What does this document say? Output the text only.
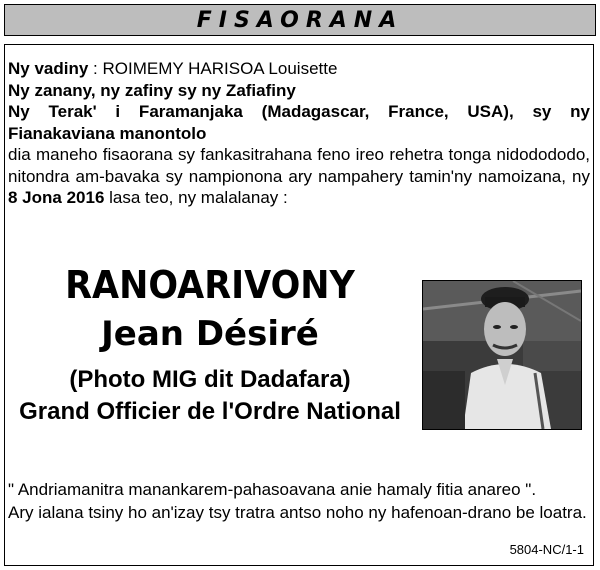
FISAORANA

Ny vadiny : ROIMEMY HARISOA Louisette

Ny zanany, ny zafiny sy ny Zafiafiny

Ny Terak' i Faramanjaka (Madagascar, France, USA), sy ny

Fianakaviana manontolo

dia maneho fisaorana sy fankasitrahana feno ireo rehetra tonga nidodododo, nitondra am-bavaka sy nampionona ary nampahery tamin'ny namoizana, ny 8 Jona 2016 lasa teo, ny malalanay :

RANOARIVONY
Jean Désiré
(Photo MIG dit Dadafara)
Grand Officier de l'Ordre National

" Andriamanitra manankarem-pahasoavana anie hamaly fitia anareo ".

Ary ialana tsiny ho an'izay tsy tratra antso noho ny hafenoan-drano be loatra.

5804-NC/1-1
